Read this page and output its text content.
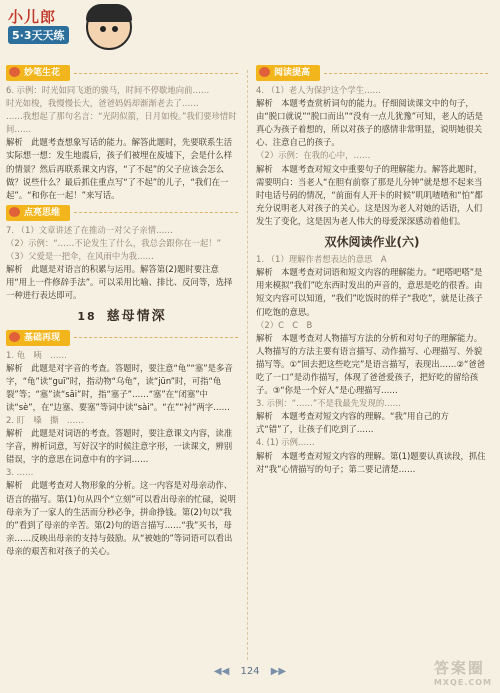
小儿郎
5·3天天练
妙笔生花

6. 示例：时光如同飞逝的骏马，时间不停歇地向前……

时光如梭，我慢慢长大，爸爸妈妈却渐渐老去了……

……我想起了那句名言：“光阴似箭，日月如梭。”我们要珍惜时间……

解析　此题考查想象写话的能力。解答此题时，先要联系生活实际想一想：发生地震后，孩子们被埋在废墟下，会是什么样的情景？然后再联系课文内容，“了不起”的父子应该会怎么做？说些什么？最后抓住重点写“了不起”的儿子，“我们在一起”。“和你在一起！”来写话。

点亮思维

7. （1）文章讲述了在推动一对父子亲情……

（2）示例：“……不论发生了什么，我总会跟你在一起！”

（3）父爱是一把伞，在风雨中为我……

解析　此题是对语言的积累与运用。解答第(2)题时要注意用“用上一件修辞手法”。可以采用比喻、排比、反问等，选择一种进行表达即可。

18 慈母情深
基础再现

1. 龟　咦　……

解析　此题是对字音的考查。答题时，要注意“龟”“塞”是多音字，“龟”读“guī”时，指动物“乌龟”，读“jūn”时，可指“龟裂”等；“塞”读“sāi”时，指“塞子”……“塞”在“闭塞”中读“sè”，在“边塞、要塞”等词中读“sài”。“在”“衬”两字……

2. 盯　嗓　撕　……

解析　此题是对词语的考查。答题时，要注意课文内容，读准字音，辨析词意，写好汉字的时候注意字形，一读课文，辨别错误，字的意思在词意中有的字词……

3. ……

解析　此题考查对人物形象的分析。这一内容是对母亲动作、语言的描写。第(1)句从四个“立刻”可以看出母亲的忙碌，说明母亲为了一家人的生活而分秒必争，拼命挣钱。第(2)句以“我的”看到了母亲的辛苦。第(2)句的语言描写……“我”买书，母亲……反映出母亲的支持与鼓励。从“被她的”等词语可以看出母亲的艰苦和对孩子的关心。

阅读提高

4. （1）老人为保护这个学生……

解析　本题考查赏析词句的能力。仔细阅读课文中的句子，由“脱口就说”“脱口而出”“没有一点儿犹豫”可知，老人的话是真心为孩子着想的，所以对孩子的感情非常明显，说明她很关心、注意自己的孩子。

（2）示例：在我的心中，……

解析　本题考查对短文中重要句子的理解能力。解答此题时，需要明白：当老人“在胆有前察了那是儿分钟”就是想不起来当时电话号码的情况，“前面有人开卡的时候”叽叽喳喳和“怕”都充分说明老人对孩子的关心。这是因为老人对她的话语，人们发生了变化，这是因为老人伟大的母爱深深感动着他们。

双休阅读作业(六)

1. （1）理解作者想表达的意思　A

解析　本题考查对词语和短文内容的理解能力。“吧嗒吧嗒”是用来模拟“我们”吃东西时发出的声音的，意思是吃的很香。由短文内容可以知道，“我们”吃饭时的样子“我吃”，就是让孩子们吃饱的意思。

（2）C　C　B

解析　本题考查对人物描写方法的分析和对句子的理解能力。人物描写的方法主要有语言描写、动作描写、心理描写、外貌描写等。①“回去把这些吃完”是语言描写，表现出……②“爸爸吃了一口”是动作描写，体现了爸爸爱孩子，把好吃的留给孩子。③“你是一个好人”是心理描写……

3. 示例：“……”不是我最先发现的……

解析　本题考查对短文内容的理解。“我”用自己的方式“错”了，让孩子们吃到了……

4. (1) 示例……

解析　本题考查对短文内容的理解。第(1)题要认真读段，抓住对“我”心情描写的句子；第二要记清楚……

◀◀ 124 ▶▶	答案圈
MXQE.COM
